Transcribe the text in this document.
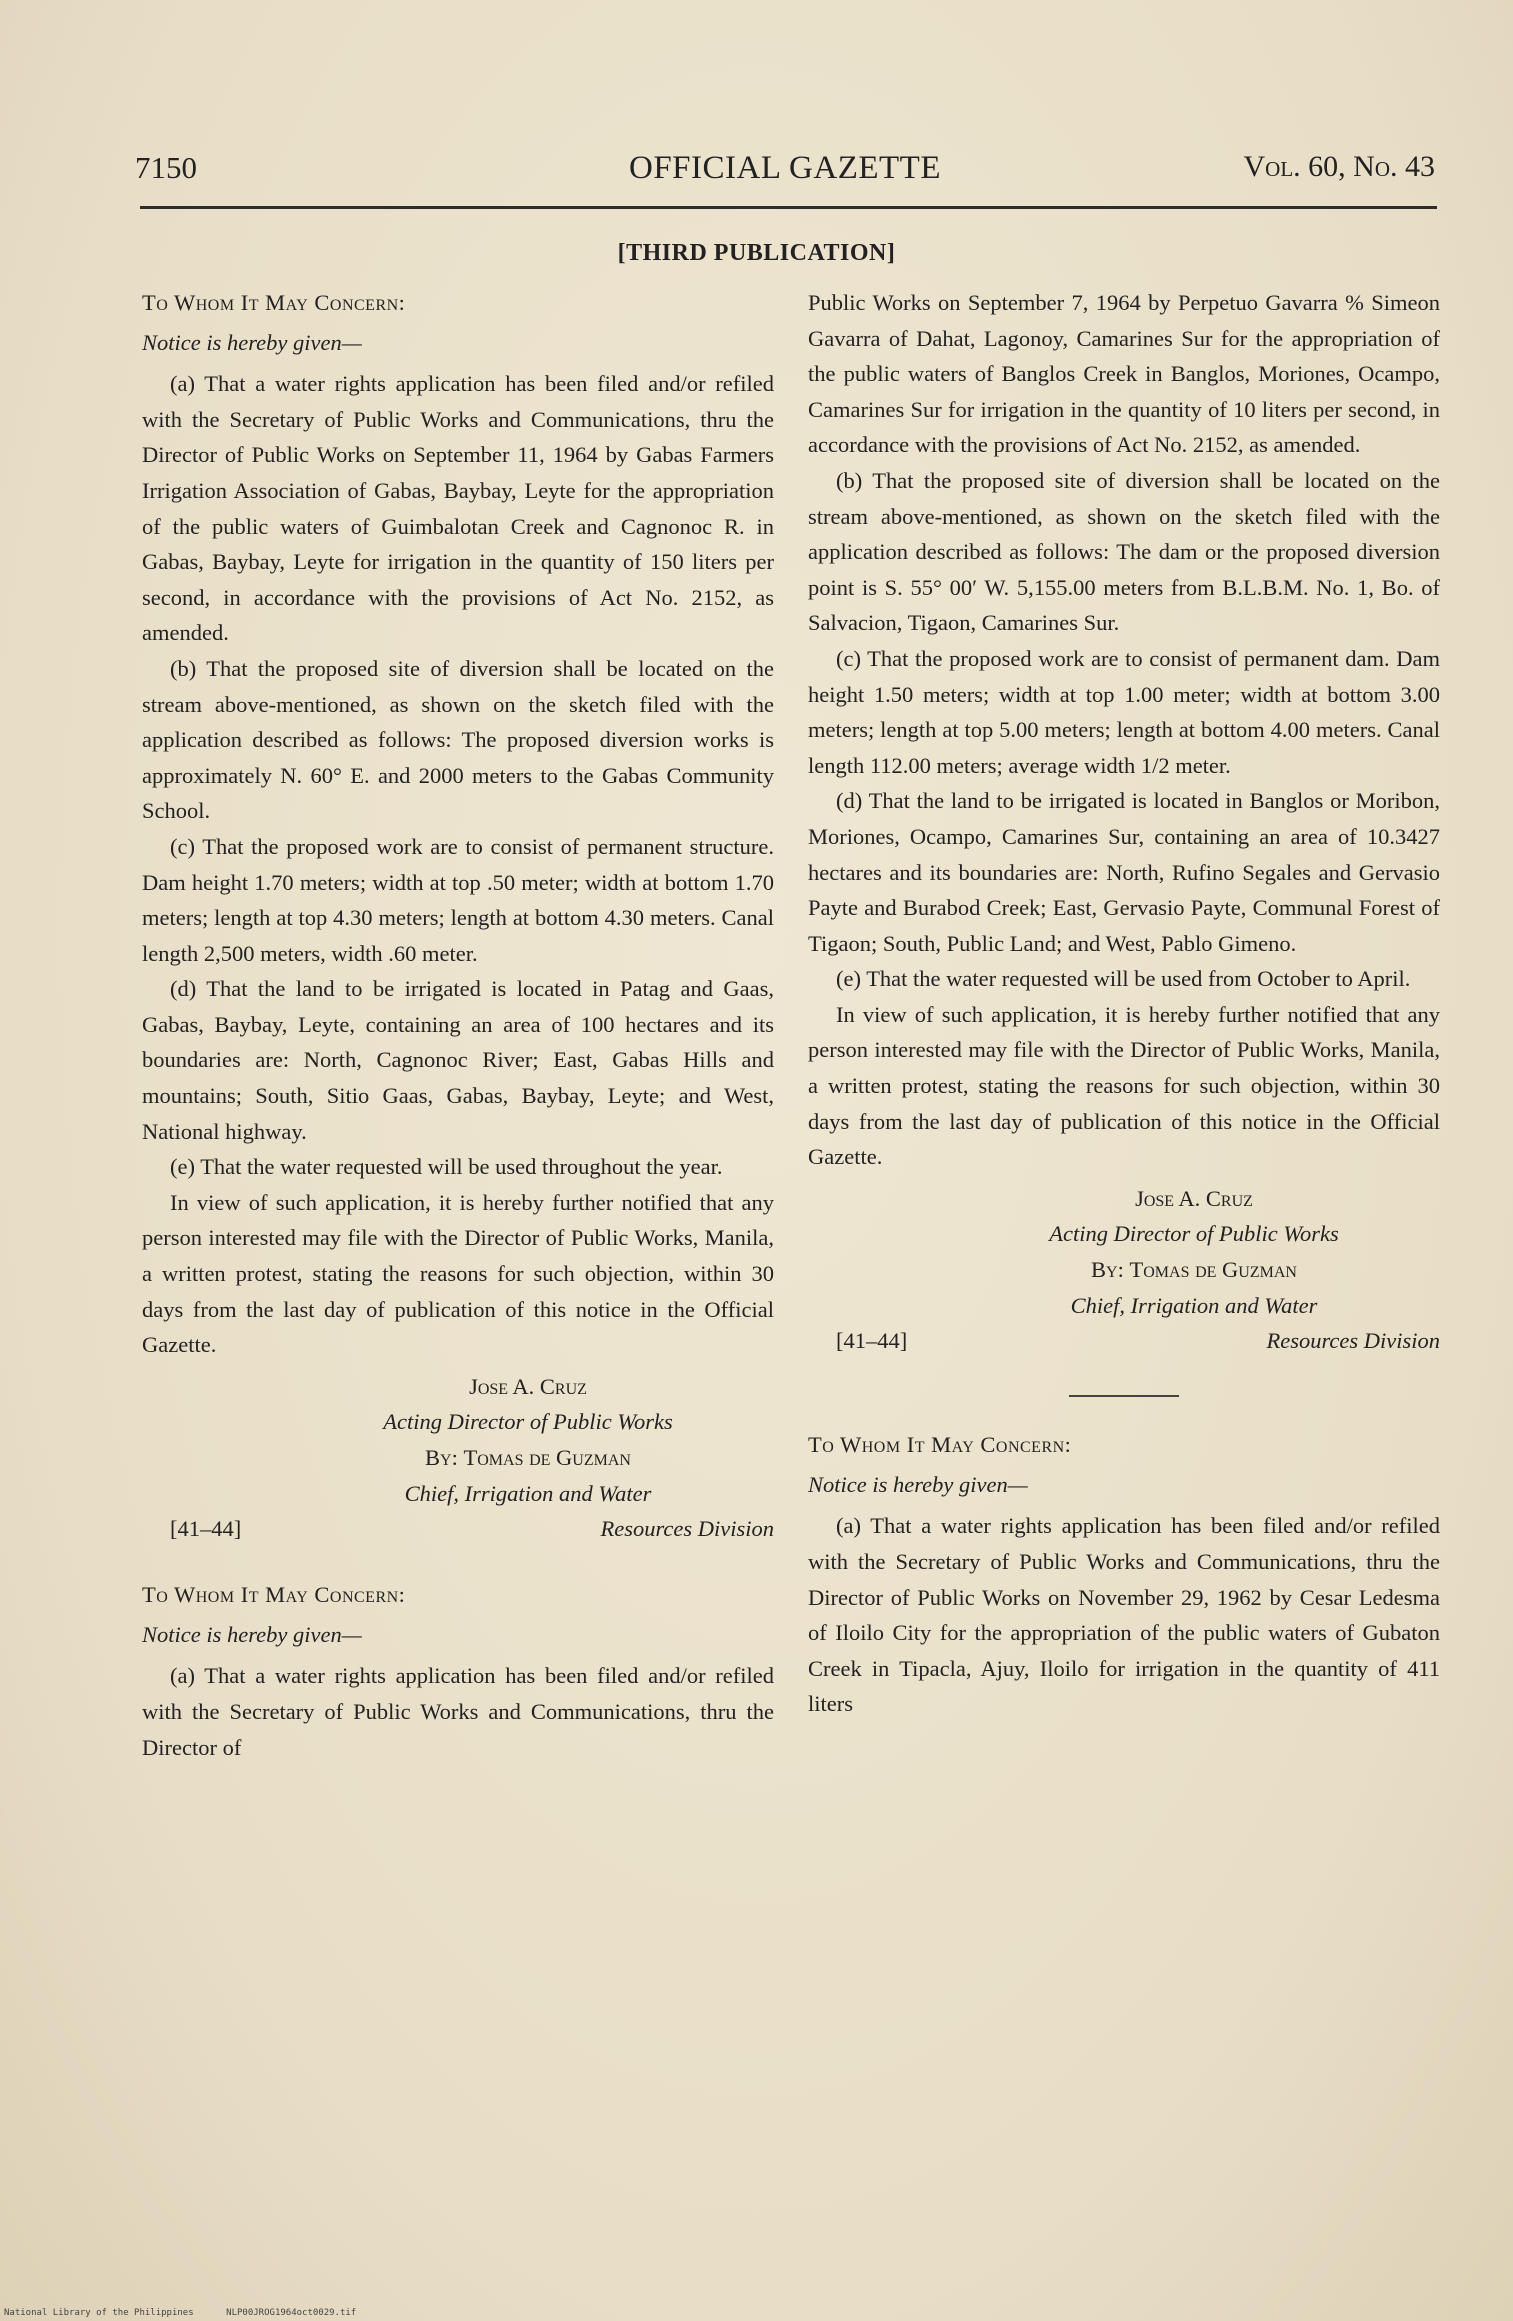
7150	OFFICIAL GAZETTE	Vol. 60, No. 43
[THIRD PUBLICATION]

To Whom It May Concern:

Notice is hereby given—

(a) That a water rights application has been filed and/or refiled with the Secretary of Public Works and Communications, thru the Director of Public Works on September 11, 1964 by Gabas Farmers Irrigation Association of Gabas, Baybay, Leyte for the appropriation of the public waters of Guimbalotan Creek and Cagnonoc R. in Gabas, Baybay, Leyte for irrigation in the quantity of 150 liters per second, in accordance with the provisions of Act No. 2152, as amended.

(b) That the proposed site of diversion shall be located on the stream above-mentioned, as shown on the sketch filed with the application described as follows: The proposed diversion works is approximately N. 60° E. and 2000 meters to the Gabas Community School.

(c) That the proposed work are to consist of permanent structure. Dam height 1.70 meters; width at top .50 meter; width at bottom 1.70 meters; length at top 4.30 meters; length at bottom 4.30 meters. Canal length 2,500 meters, width .60 meter.

(d) That the land to be irrigated is located in Patag and Gaas, Gabas, Baybay, Leyte, containing an area of 100 hectares and its boundaries are: North, Cagnonoc River; East, Gabas Hills and mountains; South, Sitio Gaas, Gabas, Baybay, Leyte; and West, National highway.

(e) That the water requested will be used throughout the year.

In view of such application, it is hereby further notified that any person interested may file with the Director of Public Works, Manila, a written protest, stating the reasons for such objection, within 30 days from the last day of publication of this notice in the Official Gazette.

Jose A. Cruz
Acting Director of Public Works
By: Tomas de Guzman
Chief, Irrigation and Water
[41–44]	Resources Division

To Whom It May Concern:

Notice is hereby given—

(a) That a water rights application has been filed and/or refiled with the Secretary of Public Works and Communications, thru the Director of

Public Works on September 7, 1964 by Perpetuo Gavarra % Simeon Gavarra of Dahat, Lagonoy, Camarines Sur for the appropriation of the public waters of Banglos Creek in Banglos, Moriones, Ocampo, Camarines Sur for irrigation in the quantity of 10 liters per second, in accordance with the provisions of Act No. 2152, as amended.

(b) That the proposed site of diversion shall be located on the stream above-mentioned, as shown on the sketch filed with the application described as follows: The dam or the proposed diversion point is S. 55° 00′ W. 5,155.00 meters from B.L.B.M. No. 1, Bo. of Salvacion, Tigaon, Camarines Sur.

(c) That the proposed work are to consist of permanent dam. Dam height 1.50 meters; width at top 1.00 meter; width at bottom 3.00 meters; length at top 5.00 meters; length at bottom 4.00 meters. Canal length 112.00 meters; average width 1/2 meter.

(d) That the land to be irrigated is located in Banglos or Moribon, Moriones, Ocampo, Camarines Sur, containing an area of 10.3427 hectares and its boundaries are: North, Rufino Segales and Gervasio Payte and Burabod Creek; East, Gervasio Payte, Communal Forest of Tigaon; South, Public Land; and West, Pablo Gimeno.

(e) That the water requested will be used from October to April.

In view of such application, it is hereby further notified that any person interested may file with the Director of Public Works, Manila, a written protest, stating the reasons for such objection, within 30 days from the last day of publication of this notice in the Official Gazette.

Jose A. Cruz
Acting Director of Public Works
By: Tomas de Guzman
Chief, Irrigation and Water
[41–44]	Resources Division

To Whom It May Concern:

Notice is hereby given—

(a) That a water rights application has been filed and/or refiled with the Secretary of Public Works and Communications, thru the Director of Public Works on November 29, 1962 by Cesar Ledesma of Iloilo City for the appropriation of the public waters of Gubaton Creek in Tipacla, Ajuy, Iloilo for irrigation in the quantity of 411 liters

National Library of the Philippines	NLP00JROG1964oct0029.tif
